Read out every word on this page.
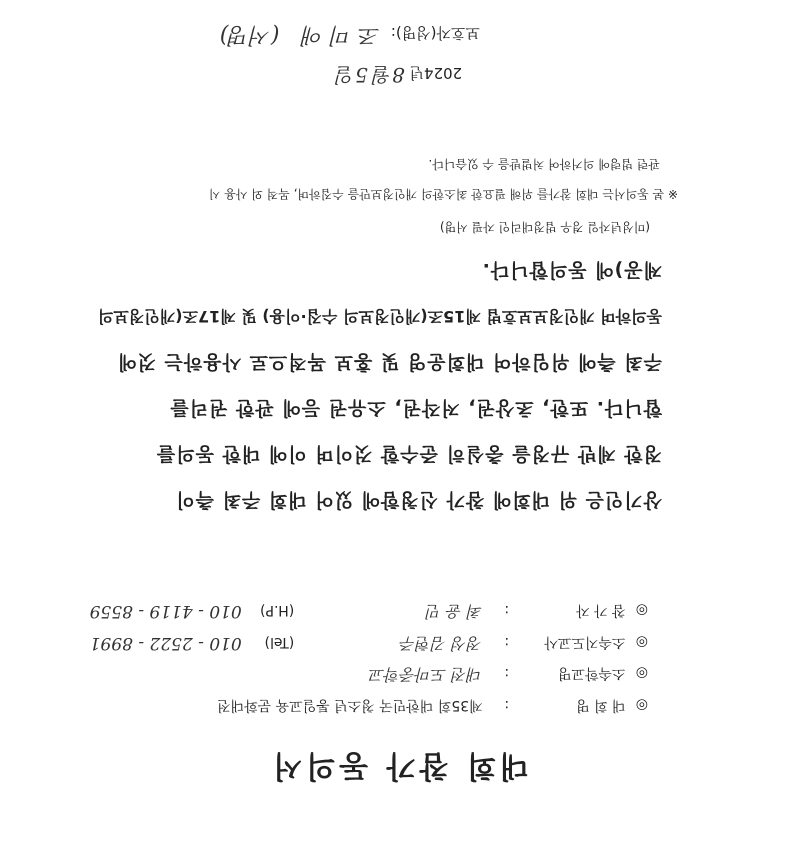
대회 참가 동의서
◎ 대 회 명 : 제35회 대한민국 청소년 통일교육 문화대전
◎ 소속학교명 : 대전 도마중학교
◎ 소속지도교사 : 정성 김현주 (Tel) 010 - 2522 - 8991
◎ 참 가 자 : 최 윤 민 (H.P) 010 - 4119 - 8559
상기인은 위 대회에 참가 신청함에 있어 대회 주최 측이
정한 제반 규정을 충실히 준수할 것이며 이에 대한 동의를
합니다. 또한, 초상권, 저작권, 소유권 등에 관한 권리를
주최 측에 위임하여 대회운영 및 홍보 목적으로 사용하는 것에
동의하며 개인정보보호법 제15조(개인정보의 수집·이용) 및 제17조(개인정보의
제공)에 동의합니다.
(미성년자일 경우 법정대리인 자필 서명)
※ 본 동의서는 대회 참가를 위해 필요한 최소한의 개인정보만을 수집하며, 목적 외 사용 시
관련 법령에 의거하여 처벌받을 수 있습니다.
2024년 8월 5일
보호자(성명): 조 미 애 (서명)
